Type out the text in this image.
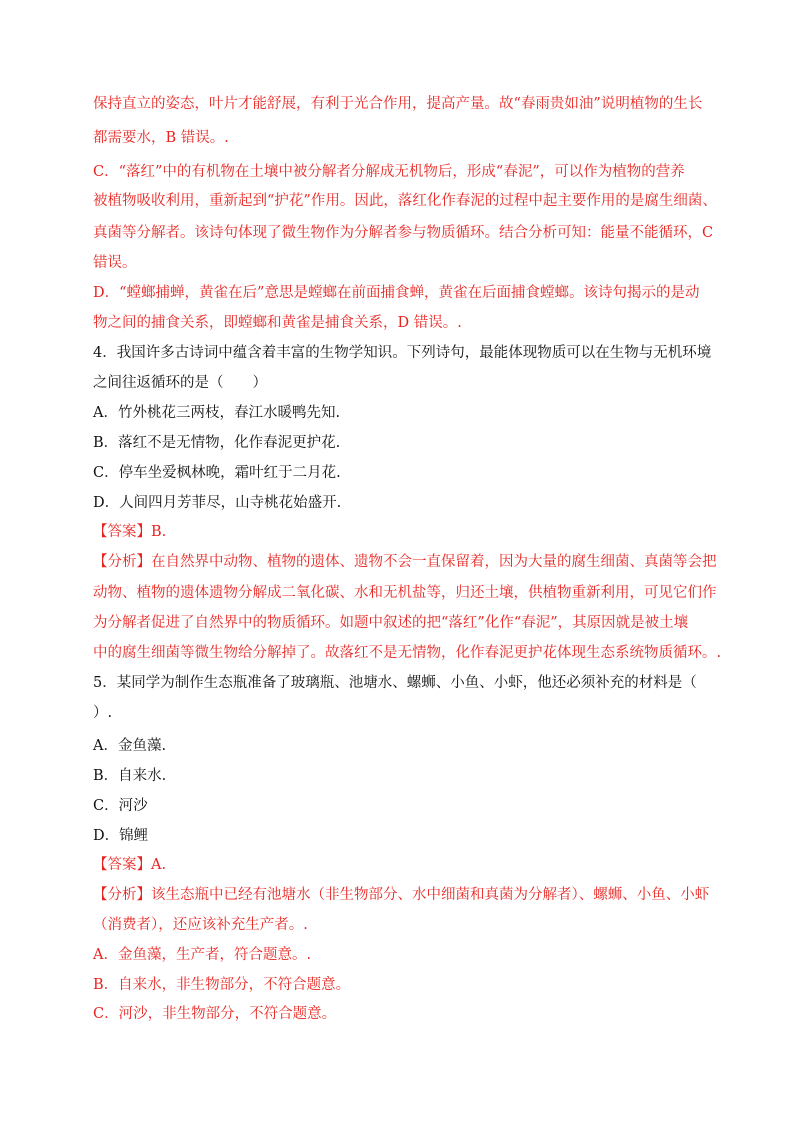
保持直立的姿态，叶片才能舒展，有利于光合作用，提高产量。故“春雨贵如油”说明植物的生长
都需要水，B 错误。.
C．“落红”中的有机物在土壤中被分解者分解成无机物后，形成“春泥”，可以作为植物的营养
被植物吸收利用，重新起到“护花”作用。因此，落红化作春泥的过程中起主要作用的是腐生细菌、
真菌等分解者。该诗句体现了微生物作为分解者参与物质循环。结合分析可知：能量不能循环，C
错误。
D．“螳螂捕蝉，黄雀在后”意思是螳螂在前面捕食蝉，黄雀在后面捕食螳螂。该诗句揭示的是动
物之间的捕食关系，即螳螂和黄雀是捕食关系，D 错误。.
4．我国许多古诗词中蕴含着丰富的生物学知识。下列诗句，最能体现物质可以在生物与无机环境
之间往返循环的是（　　）
A．竹外桃花三两枝，春江水暖鸭先知.
B．落红不是无情物，化作春泥更护花.
C．停车坐爱枫林晚，霜叶红于二月花.
D．人间四月芳菲尽，山寺桃花始盛开.
【答案】B.
【分析】在自然界中动物、植物的遗体、遗物不会一直保留着，因为大量的腐生细菌、真菌等会把
动物、植物的遗体遗物分解成二氧化碳、水和无机盐等，归还土壤，供植物重新利用，可见它们作
为分解者促进了自然界中的物质循环。如题中叙述的把“落红”化作“春泥”，其原因就是被土壤
中的腐生细菌等微生物给分解掉了。故落红不是无情物，化作春泥更护花体现生态系统物质循环。.
5．某同学为制作生态瓶准备了玻璃瓶、池塘水、螺蛳、小鱼、小虾，他还必须补充的材料是（
）.
A．金鱼藻.
B．自来水.
C．河沙
D．锦鲤
【答案】A.
【分析】该生态瓶中已经有池塘水（非生物部分、水中细菌和真菌为分解者）、螺蛳、小鱼、小虾
（消费者），还应该补充生产者。.
A．金鱼藻，生产者，符合题意。.
B．自来水，非生物部分，不符合题意。
C．河沙，非生物部分，不符合题意。
